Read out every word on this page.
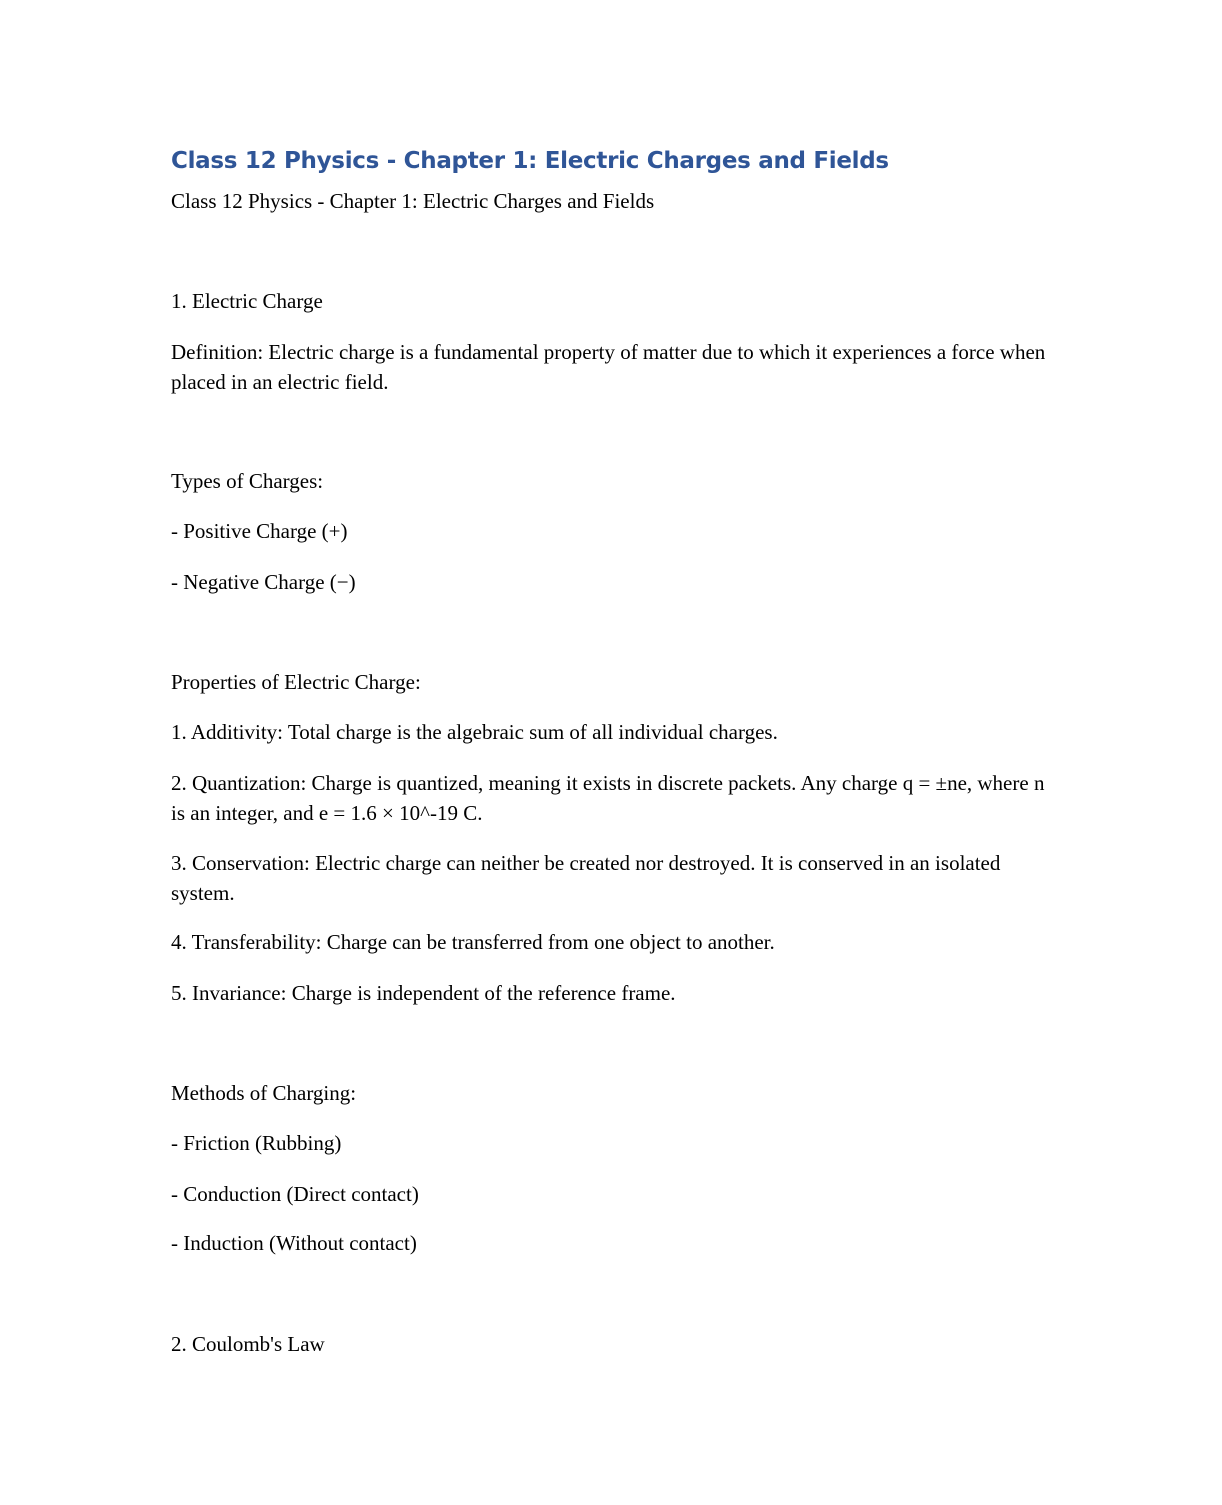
Class 12 Physics - Chapter 1: Electric Charges and Fields
Class 12 Physics - Chapter 1: Electric Charges and Fields
1. Electric Charge
Definition: Electric charge is a fundamental property of matter due to which it experiences a force when placed in an electric field.
Types of Charges:
- Positive Charge (+)
- Negative Charge (−)
Properties of Electric Charge:
1. Additivity: Total charge is the algebraic sum of all individual charges.
2. Quantization: Charge is quantized, meaning it exists in discrete packets. Any charge q = ±ne, where n is an integer, and e = 1.6 × 10^-19 C.
3. Conservation: Electric charge can neither be created nor destroyed. It is conserved in an isolated system.
4. Transferability: Charge can be transferred from one object to another.
5. Invariance: Charge is independent of the reference frame.
Methods of Charging:
- Friction (Rubbing)
- Conduction (Direct contact)
- Induction (Without contact)
2. Coulomb's Law
